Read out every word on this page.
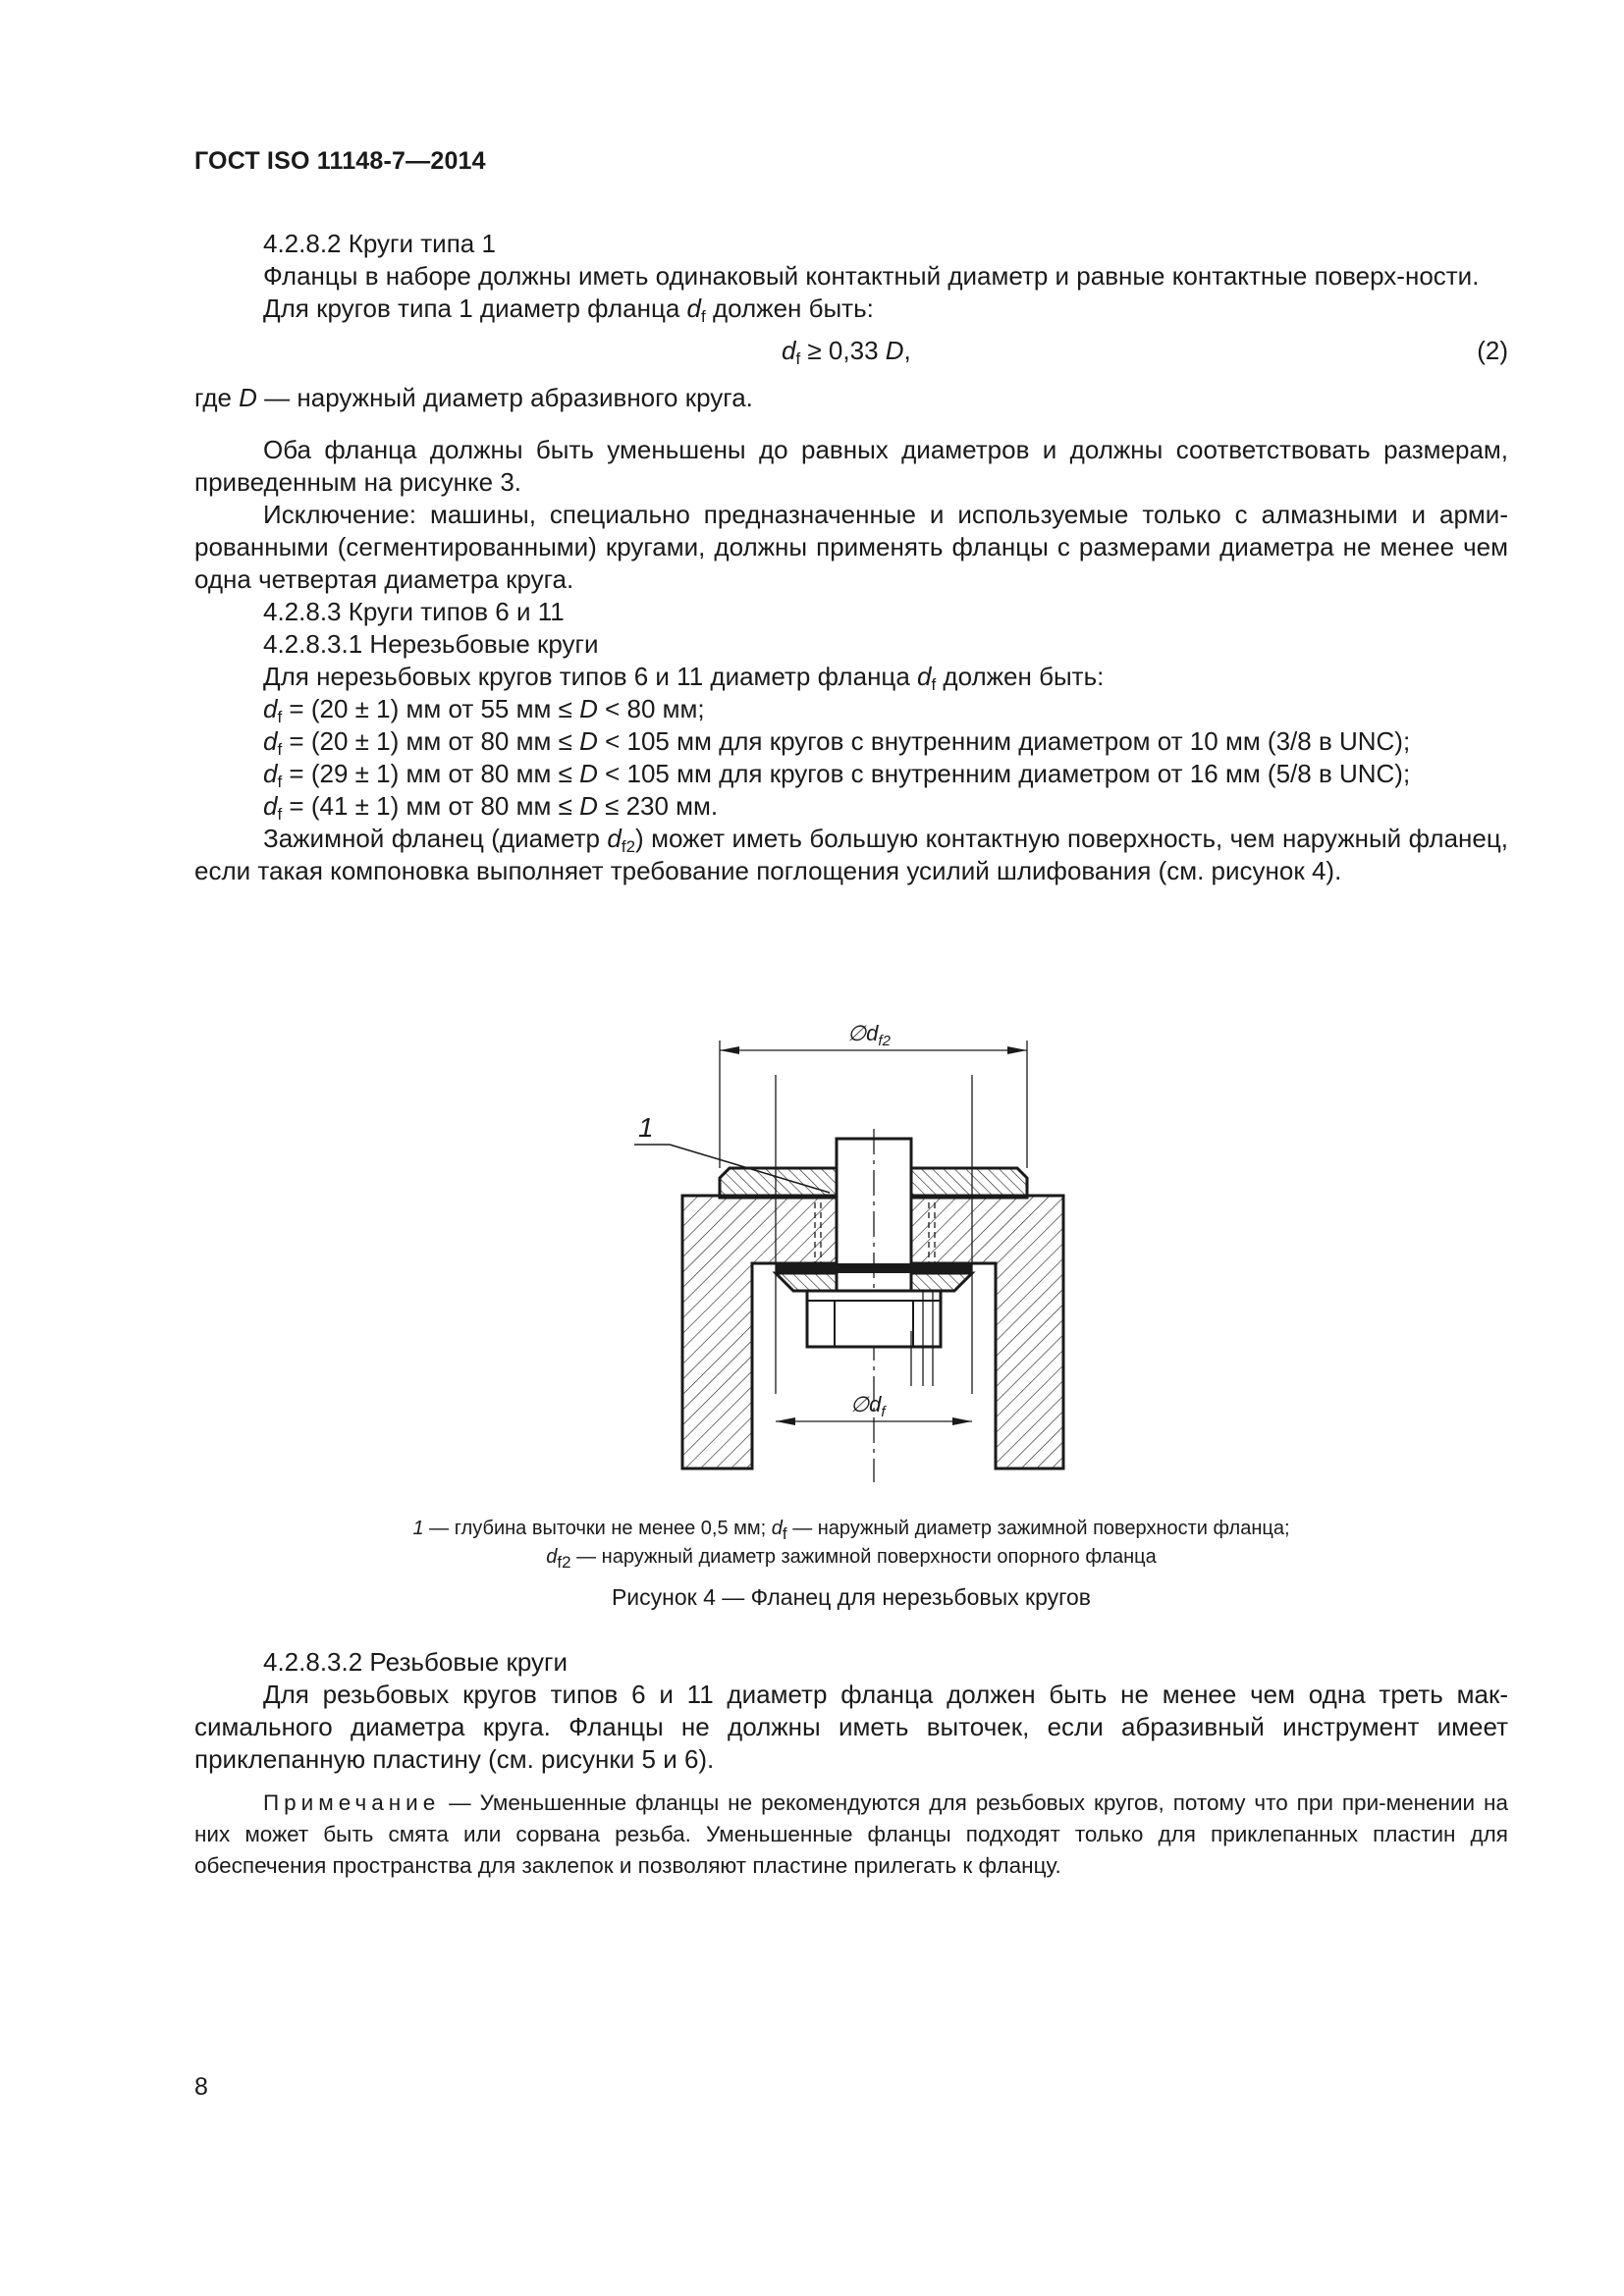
ГОСТ ISO 11148-7—2014

4.2.8.2 Круги типа 1

Фланцы в наборе должны иметь одинаковый контактный диаметр и равные контактные поверх-ности.

Для кругов типа 1 диаметр фланца $d_f$ должен быть:

$d_f \ge 0,33$ D,	(2)

где D — наружный диаметр абразивного круга.

Оба фланца должны быть уменьшены до равных диаметров и должны соответствовать размерам, приведенным на рисунке 3.

Исключение: машины, специально предназначенные и используемые только с алмазными и арми-рованными (сегментированными) кругами, должны применять фланцы с размерами диаметра не менее чем одна четвертая диаметра круга.

4.2.8.3 Круги типов 6 и 11

4.2.8.3.1 Нерезьбовые круги

Для нерезьбовых кругов типов 6 и 11 диаметр фланца $d_f$ должен быть:

$d_f = (20 \pm 1)$ мм от 55 мм ≤ D < 80 мм;

$d_f = (20 \pm 1)$ мм от 80 мм ≤ D < 105 мм для кругов с внутренним диаметром от 10 мм (3/8 в UNC);

$d_f = (29 \pm 1)$ мм от 80 мм ≤ D < 105 мм для кругов с внутренним диаметром от 16 мм (5/8 в UNC);

$d_f = (41 \pm 1)$ мм от 80 мм ≤ D ≤ 230 мм.

Зажимной фланец (диаметр $d_{f2}$) может иметь большую контактную поверхность, чем наружный фланец, если такая компоновка выполняет требование поглощения усилий шлифования (см. рисунок 4).

$\emptyset d_{f2}$
$\emptyset d_f$
1
1 — глубина выточки не менее 0,5 мм; $d_f$ — наружный диаметр зажимной поверхности фланца;
$d_{f2}$ — наружный диаметр зажимной поверхности опорного фланца
Рисунок 4 — Фланец для нерезьбовых кругов

4.2.8.3.2 Резьбовые круги

Для резьбовых кругов типов 6 и 11 диаметр фланца должен быть не менее чем одна треть мак-симального диаметра круга. Фланцы не должны иметь выточек, если абразивный инструмент имеет приклепанную пластину (см. рисунки 5 и 6).

Примечание — Уменьшенные фланцы не рекомендуются для резьбовых кругов, потому что при при-менении на них может быть смята или сорвана резьба. Уменьшенные фланцы подходят только для приклепанных пластин для обеспечения пространства для заклепок и позволяют пластине прилегать к фланцу.

8
